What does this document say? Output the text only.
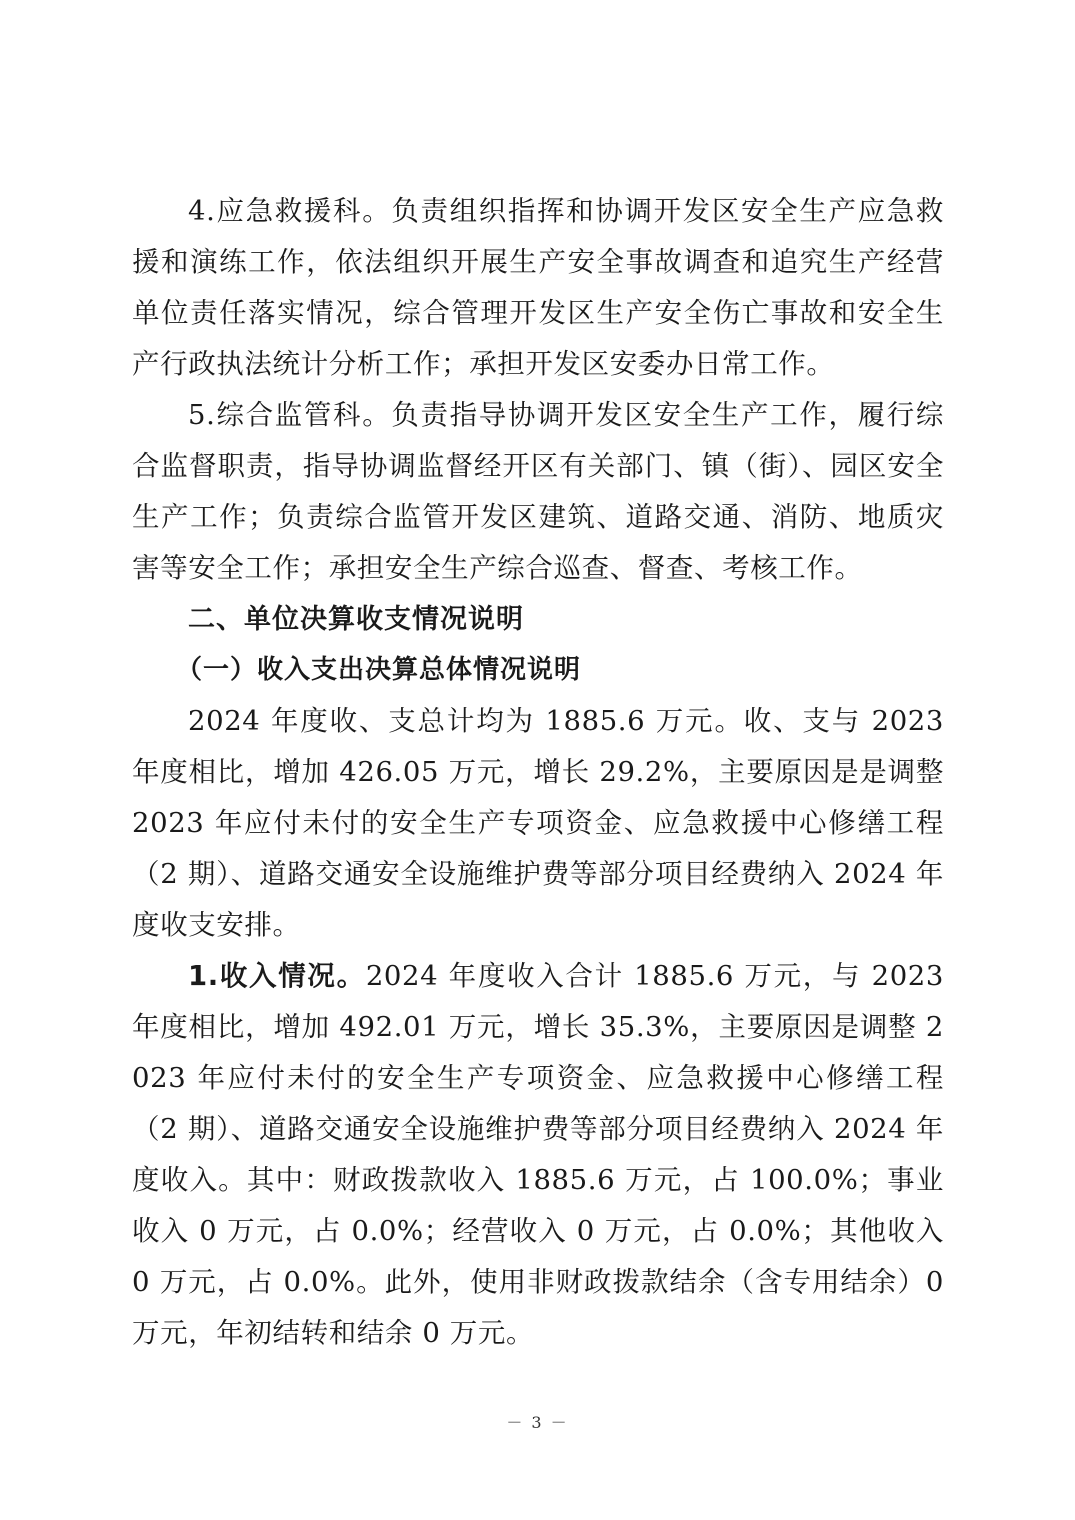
4.应急救援科。负责组织指挥和协调开发区安全生产应急救援和演练工作，依法组织开展生产安全事故调查和追究生产经营单位责任落实情况，综合管理开发区生产安全伤亡事故和安全生产行政执法统计分析工作；承担开发区安委办日常工作。

5.综合监管科。负责指导协调开发区安全生产工作，履行综合监督职责，指导协调监督经开区有关部门、镇（街）、园区安全生产工作；负责综合监管开发区建筑、道路交通、消防、地质灾害等安全工作；承担安全生产综合巡查、督查、考核工作。

二、单位决算收支情况说明

（一）收入支出决算总体情况说明

2024 年度收、支总计均为 1885.6 万元。收、支与 2023 年度相比，增加 426.05 万元，增长 29.2%，主要原因是是调整 2023 年应付未付的安全生产专项资金、应急救援中心修缮工程（2 期）、道路交通安全设施维护费等部分项目经费纳入 2024 年度收支安排。

1.收入情况。2024 年度收入合计 1885.6 万元，与 2023 年度相比，增加 492.01 万元，增长 35.3%，主要原因是调整 2023 年应付未付的安全生产专项资金、应急救援中心修缮工程（2 期）、道路交通安全设施维护费等部分项目经费纳入 2024 年度收入。其中：财政拨款收入 1885.6 万元，占 100.0%；事业收入 0 万元，占 0.0%；经营收入 0 万元，占 0.0%；其他收入 0 万元，占 0.0%。此外，使用非财政拨款结余（含专用结余）0 万元，年初结转和结余 0 万元。

－ 3 －
